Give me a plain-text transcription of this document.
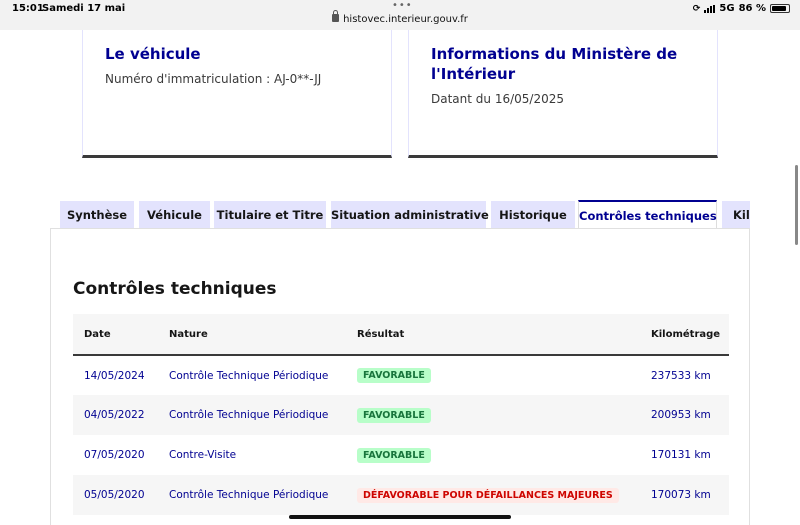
15:01
Samedi 17 mai	•••
histovec.interieur.gouv.fr
⟳ 5G 86 %
Le véhicule
Numéro d'immatriculation : AJ-0**-JJ
Informations du Ministère de l'Intérieur
Datant du 16/05/2025
Synthèse	Véhicule	Titulaire et Titre Situation administrative Historique	Contrôles techniques	Kil
Contrôles techniques
Date	Nature	Résultat	Kilométrage
14/05/2024	Contrôle Technique Périodique	FAVORABLE	237533 km
04/05/2022	Contrôle Technique Périodique	FAVORABLE	200953 km
07/05/2020	Contre-Visite	FAVORABLE	170131 km
05/05/2020	Contrôle Technique Périodique	DÉFAVORABLE POUR DÉFAILLANCES MAJEURES	170073 km
